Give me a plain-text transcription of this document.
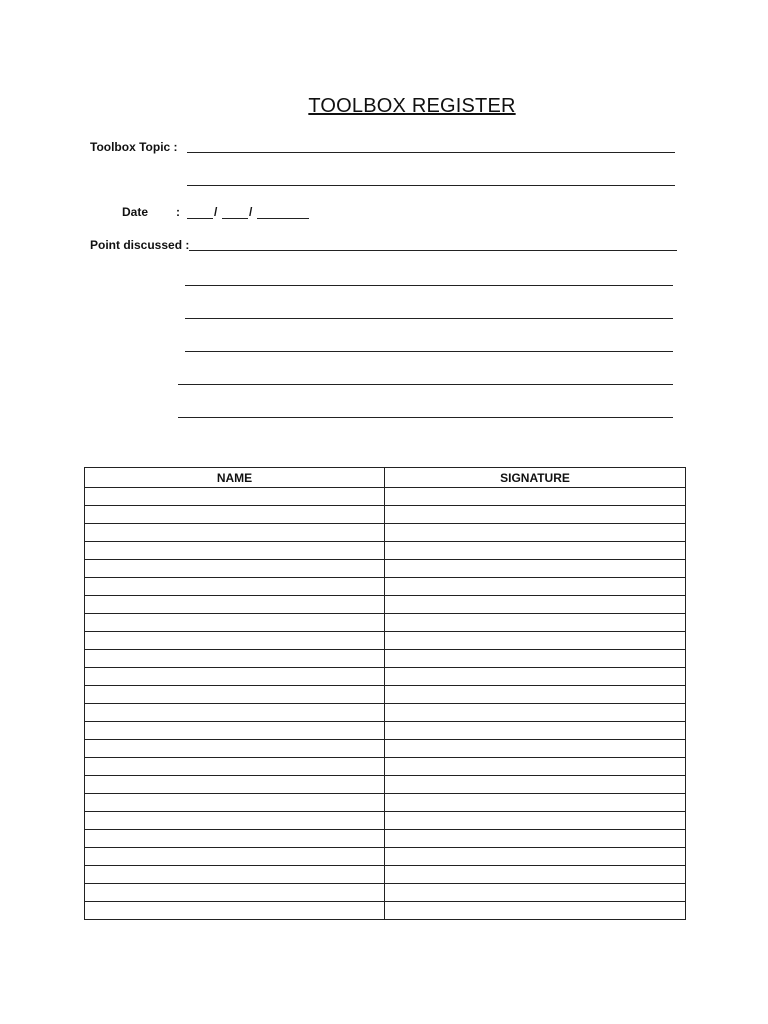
TOOLBOX REGISTER
Toolbox Topic :
Date :	/	/
Point discussed :
NAME	SIGNATURE
